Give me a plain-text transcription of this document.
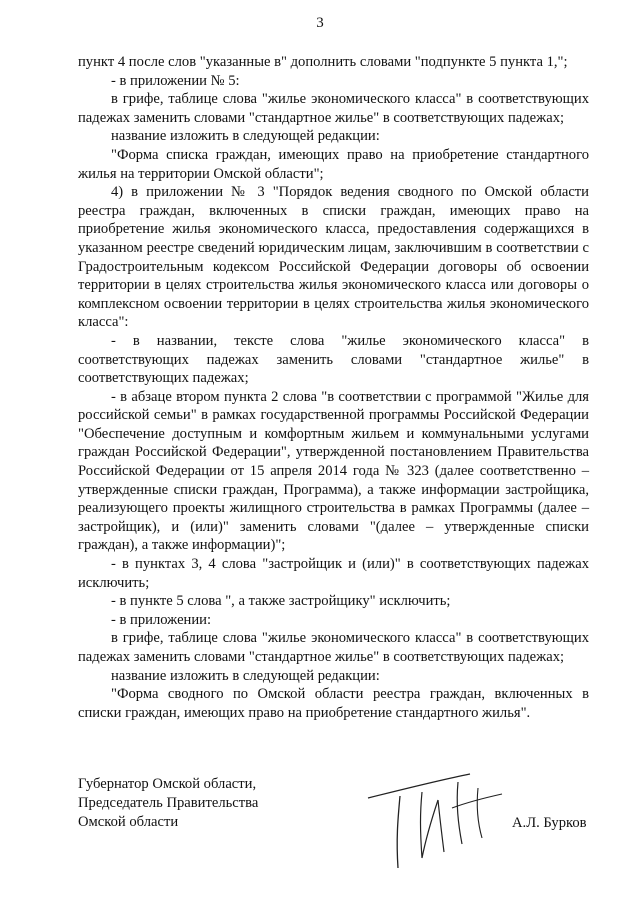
3

пункт 4 после слов "указанные в" дополнить словами "подпункте 5 пункта 1,";

- в приложении № 5:

в грифе, таблице слова "жилье экономического класса" в соответствующих падежах заменить словами "стандартное жилье" в соответствующих падежах;

название изложить в следующей редакции:

"Форма списка граждан, имеющих право на приобретение стандартного жилья на территории Омской области";

4) в приложении № 3 "Порядок ведения сводного по Омской области реестра граждан, включенных в списки граждан, имеющих право на приобретение жилья экономического класса, предоставления содержащихся в указанном реестре сведений юридическим лицам, заключившим в соответствии с Градостроительным кодексом Российской Федерации договоры об освоении территории в целях строительства жилья экономического класса или договоры о комплексном освоении территории в целях строительства жилья экономического класса":

- в названии, тексте слова "жилье экономического класса" в соответствующих падежах заменить словами "стандартное жилье" в соответствующих падежах;

- в абзаце втором пункта 2 слова "в соответствии с программой "Жилье для российской семьи" в рамках государственной программы Российской Федерации "Обеспечение доступным и комфортным жильем и коммунальными услугами граждан Российской Федерации", утвержденной постановлением Правительства Российской Федерации от 15 апреля 2014 года № 323 (далее соответственно – утвержденные списки граждан, Программа), а также информации застройщика, реализующего проекты жилищного строительства в рамках Программы (далее – застройщик), и (или)" заменить словами "(далее – утвержденные списки граждан), а также информации)";

- в пунктах 3, 4 слова "застройщик и (или)" в соответствующих падежах исключить;

- в пункте 5 слова ", а также застройщику" исключить;

- в приложении:

в грифе, таблице слова "жилье экономического класса" в соответствующих падежах заменить словами "стандартное жилье" в соответствующих падежах;

название изложить в следующей редакции:

"Форма сводного по Омской области реестра граждан, включенных в списки граждан, имеющих право на приобретение стандартного жилья".

Губернатор Омской области,
Председатель Правительства
Омской области	А.Л. Бурков
